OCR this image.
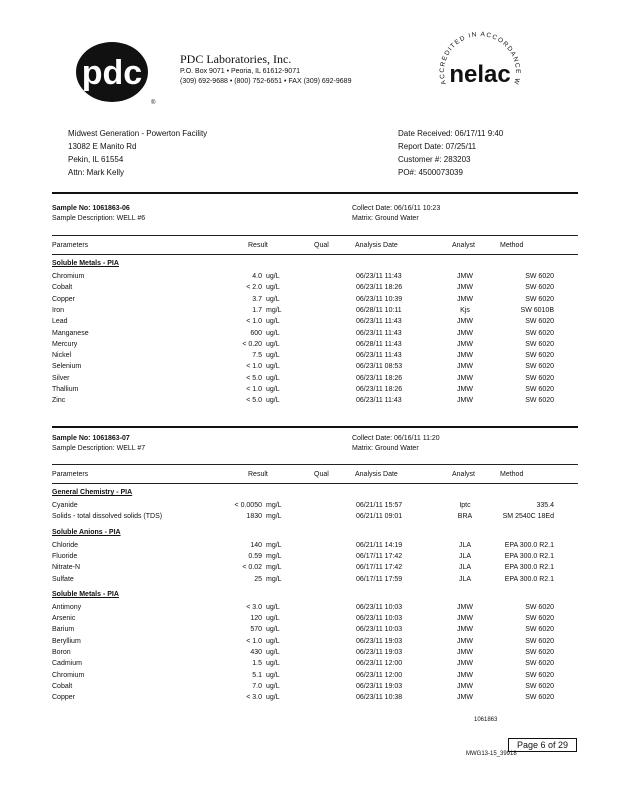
pdc
®
PDC Laboratories, Inc.
P.O. Box 9071 • Peoria, IL 61612-9071
(309) 692-9688 • (800) 752-6651 • FAX (309) 692-9689	ACCREDITED IN ACCORDANCE W
nelac
Midwest Generation - Powerton Facility
13082 E Manito Rd
Pekin, IL 61554
Attn: Mark Kelly
Date Received: 06/17/11 9:40
Report Date: 07/25/11
Customer #: 283203
PO#: 4500073039
Sample No: 1061863-06
Sample Description: WELL #6
Collect Date: 06/16/11 10:23
Matrix: Ground Water
Parameters	Result	Qual	Analysis Date	Analyst	Method
Soluble Metals - PIA
Chromium	4.0 ug/L	06/23/11 11:43	JMW	SW 6020
Cobalt	< 2.0 ug/L	06/23/11 18:26	JMW	SW 6020
Copper	3.7 ug/L	06/23/11 10:39	JMW	SW 6020
Iron	1.7 mg/L	06/28/11 10:11	Kjs	SW 6010B
Lead	< 1.0 ug/L	06/23/11 11:43	JMW	SW 6020
Manganese	600 ug/L	06/23/11 11:43	JMW	SW 6020
Mercury	< 0.20 ug/L	06/28/11 11:43	JMW	SW 6020
Nickel	7.5 ug/L	06/23/11 11:43	JMW	SW 6020
Selenium	< 1.0 ug/L	06/23/11 08:53	JMW	SW 6020
Silver	< 5.0 ug/L	06/23/11 18:26	JMW	SW 6020
Thallium	< 1.0 ug/L	06/23/11 18:26	JMW	SW 6020
Zinc	< 5.0 ug/L	06/23/11 11:43	JMW	SW 6020
Sample No: 1061863-07
Sample Description: WELL #7
Collect Date: 06/16/11 11:20
Matrix: Ground Water
Parameters	Result	Qual	Analysis Date	Analyst	Method
General Chemistry - PIA
Cyanide	< 0.0050 mg/L	06/21/11 15:57	Iptc	335.4
Solids - total dissolved solids (TDS)	1830 mg/L	06/21/11 09:01	BRA	SM 2540C 18Ed
Soluble Anions - PIA
Chloride	140 mg/L	06/21/11 14:19	JLA	EPA 300.0 R2.1
Fluoride	0.59 mg/L	06/17/11 17:42	JLA	EPA 300.0 R2.1
Nitrate-N	< 0.02 mg/L	06/17/11 17:42	JLA	EPA 300.0 R2.1
Sulfate	25 mg/L	06/17/11 17:59	JLA	EPA 300.0 R2.1
Soluble Metals - PIA
Antimony	< 3.0 ug/L	06/23/11 10:03	JMW	SW 6020
Arsenic	120 ug/L	06/23/11 10:03	JMW	SW 6020
Barium	570 ug/L	06/23/11 10:03	JMW	SW 6020
Beryllium	< 1.0 ug/L	06/23/11 19:03	JMW	SW 6020
Boron	430 ug/L	06/23/11 19:03	JMW	SW 6020
Cadmium	1.5 ug/L	06/23/11 12:00	JMW	SW 6020
Chromium	5.1 ug/L	06/23/11 12:00	JMW	SW 6020
Cobalt	7.0 ug/L	06/23/11 19:03	JMW	SW 6020
Copper	< 3.0 ug/L	06/23/11 10:38	JMW	SW 6020
1061863
Page 6 of 29
MWG13-15_39918
